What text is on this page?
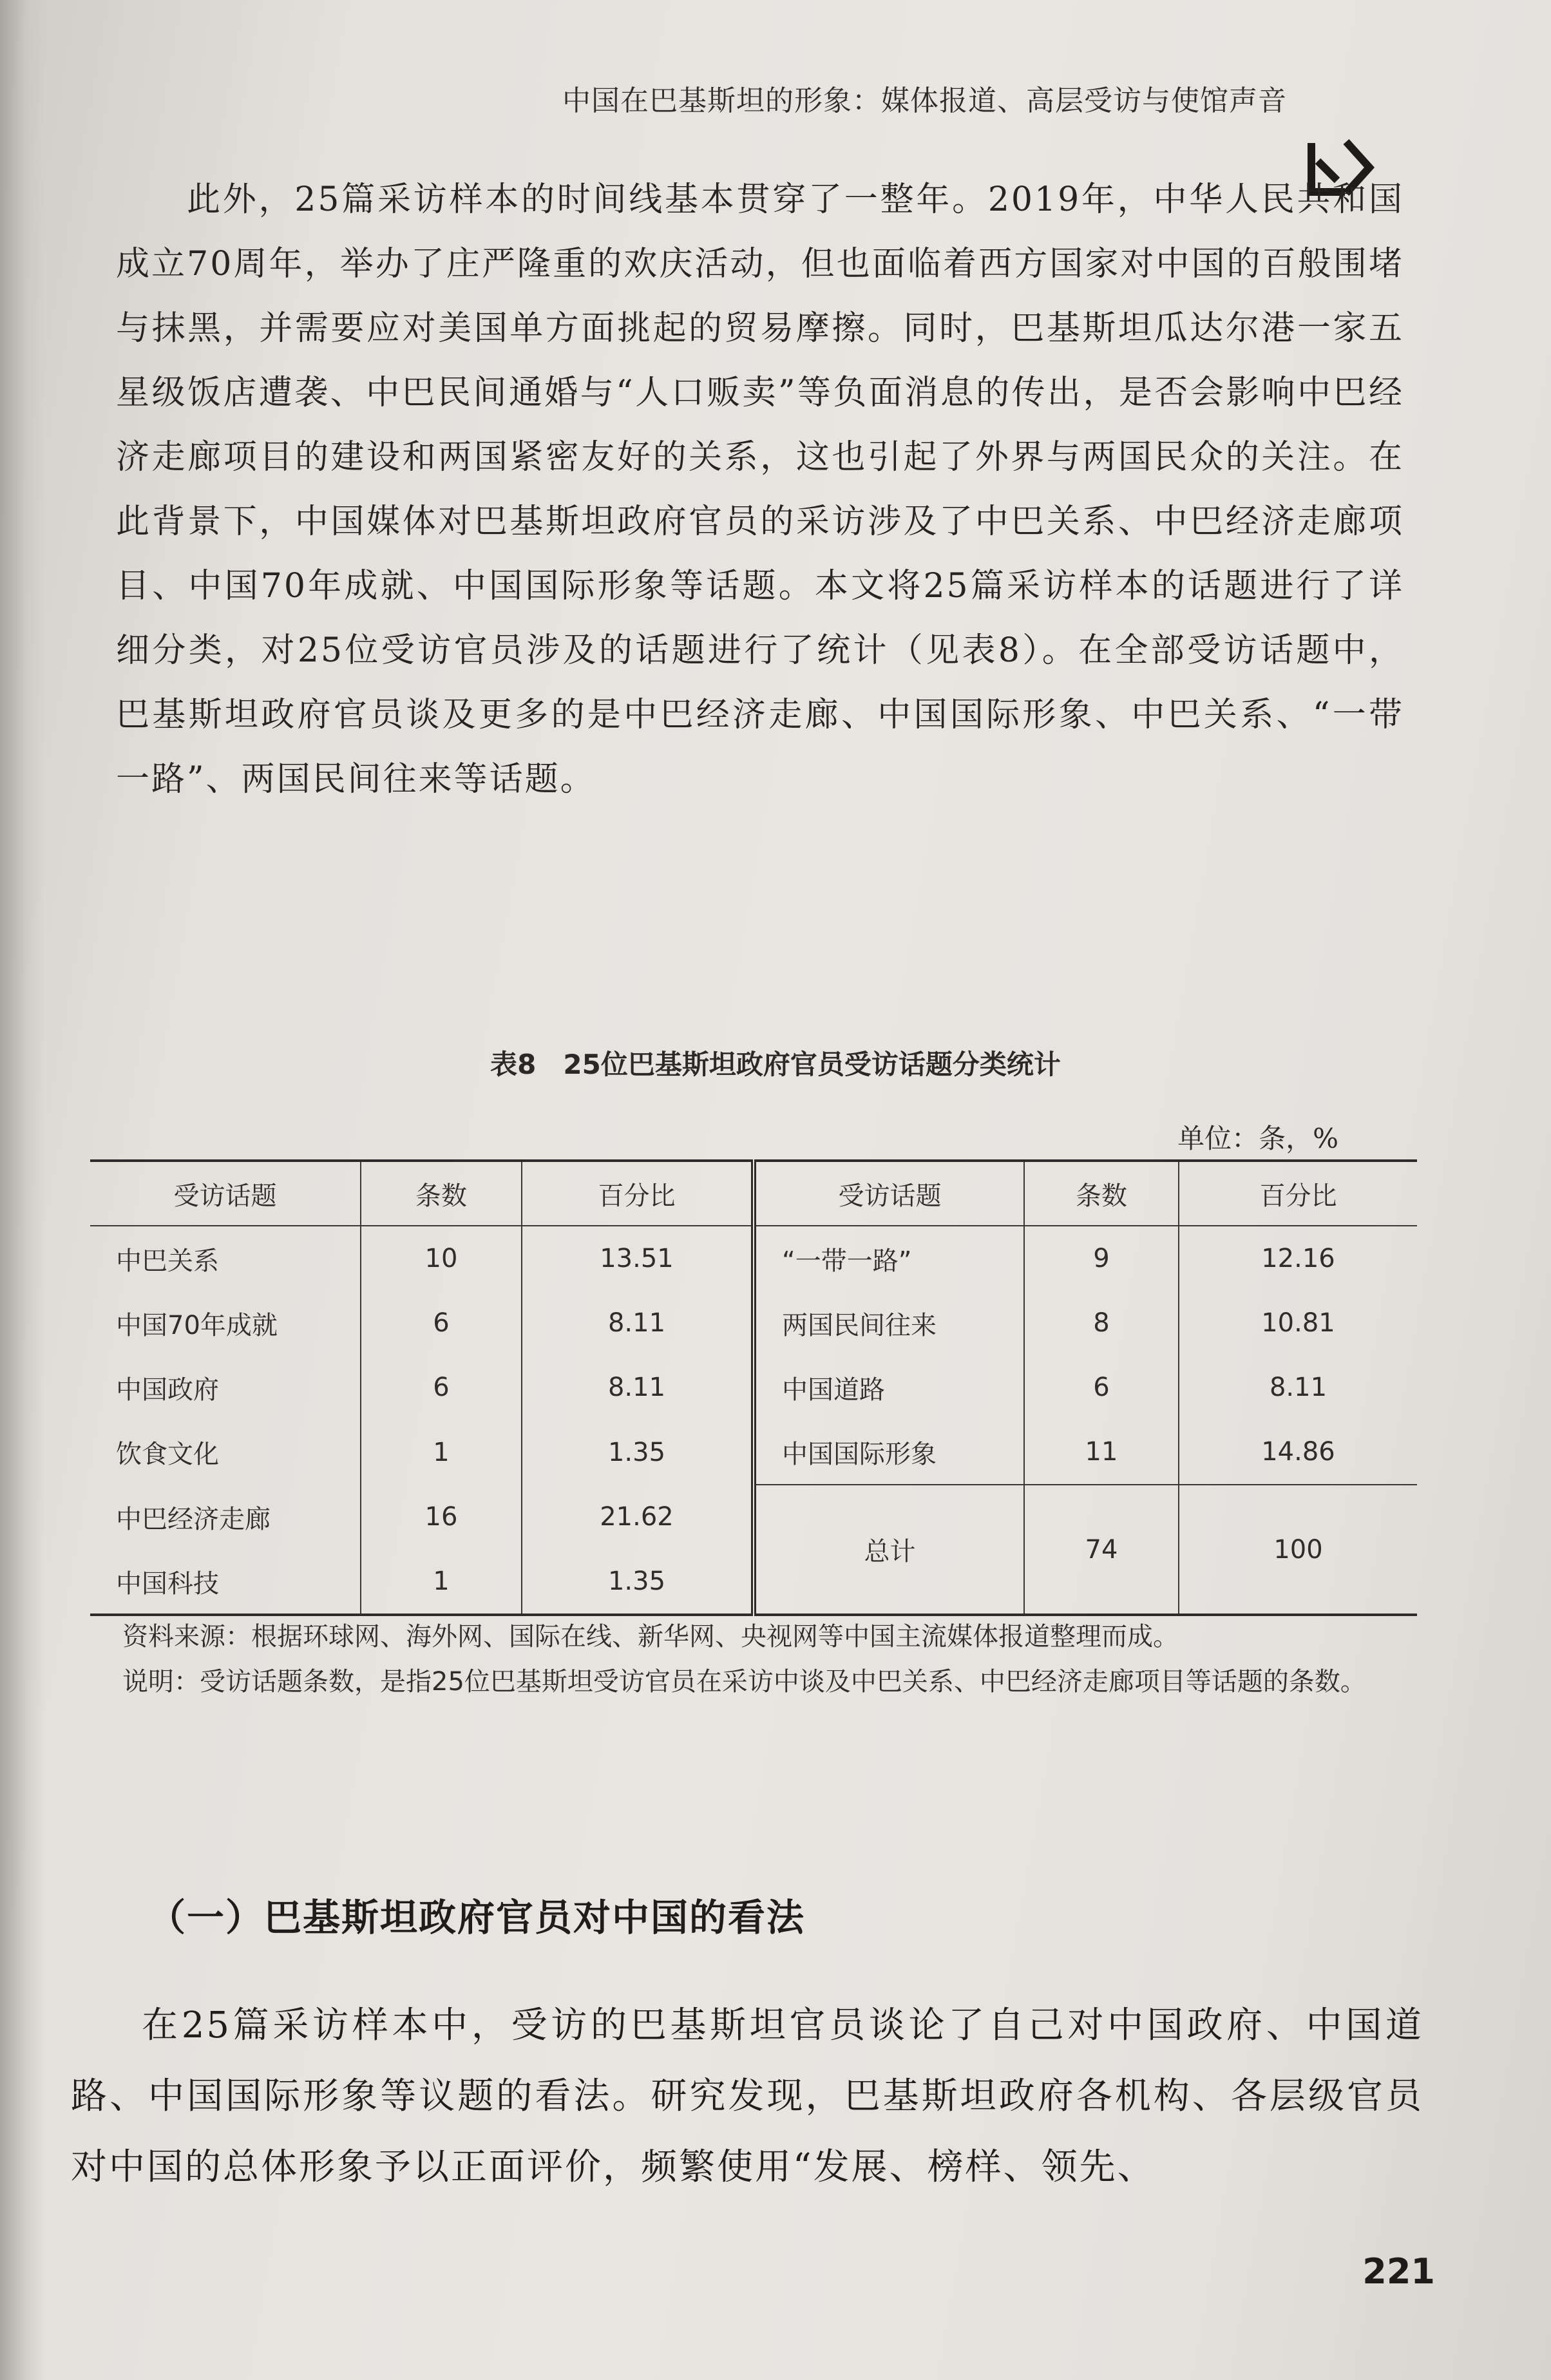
中国在巴基斯坦的形象：媒体报道、高层受访与使馆声音

此外，25篇采访样本的时间线基本贯穿了一整年。2019年，中华人民共和国成立70周年，举办了庄严隆重的欢庆活动，但也面临着西方国家对中国的百般围堵与抹黑，并需要应对美国单方面挑起的贸易摩擦。同时，巴基斯坦瓜达尔港一家五星级饭店遭袭、中巴民间通婚与“人口贩卖”等负面消息的传出，是否会影响中巴经济走廊项目的建设和两国紧密友好的关系，这也引起了外界与两国民众的关注。在此背景下，中国媒体对巴基斯坦政府官员的采访涉及了中巴关系、中巴经济走廊项目、中国70年成就、中国国际形象等话题。本文将25篇采访样本的话题进行了详细分类，对25位受访官员涉及的话题进行了统计（见表8）。在全部受访话题中，巴基斯坦政府官员谈及更多的是中巴经济走廊、中国国际形象、中巴关系、“一带一路”、两国民间往来等话题。

表8　25位巴基斯坦政府官员受访话题分类统计
单位：条，%
受访话题	条数	百分比	受访话题	条数	百分比
中巴关系	10	13.51	“一带一路”	9	12.16
中国70年成就	6	8.11	两国民间往来	8	10.81
中国政府	6	8.11	中国道路	6	8.11
饮食文化	1	1.35	中国国际形象	11	14.86
中巴经济走廊	16	21.62	总计	74	100
中国科技	1	1.35			
资料来源：根据环球网、海外网、国际在线、新华网、央视网等中国主流媒体报道整理而成。
说明：受访话题条数，是指25位巴基斯坦受访官员在采访中谈及中巴关系、中巴经济走廊项目等话题的条数。
（一）巴基斯坦政府官员对中国的看法

在25篇采访样本中，受访的巴基斯坦官员谈论了自己对中国政府、中国道路、中国国际形象等议题的看法。研究发现，巴基斯坦政府各机构、各层级官员对中国的总体形象予以正面评价，频繁使用“发展、榜样、领先、

221
